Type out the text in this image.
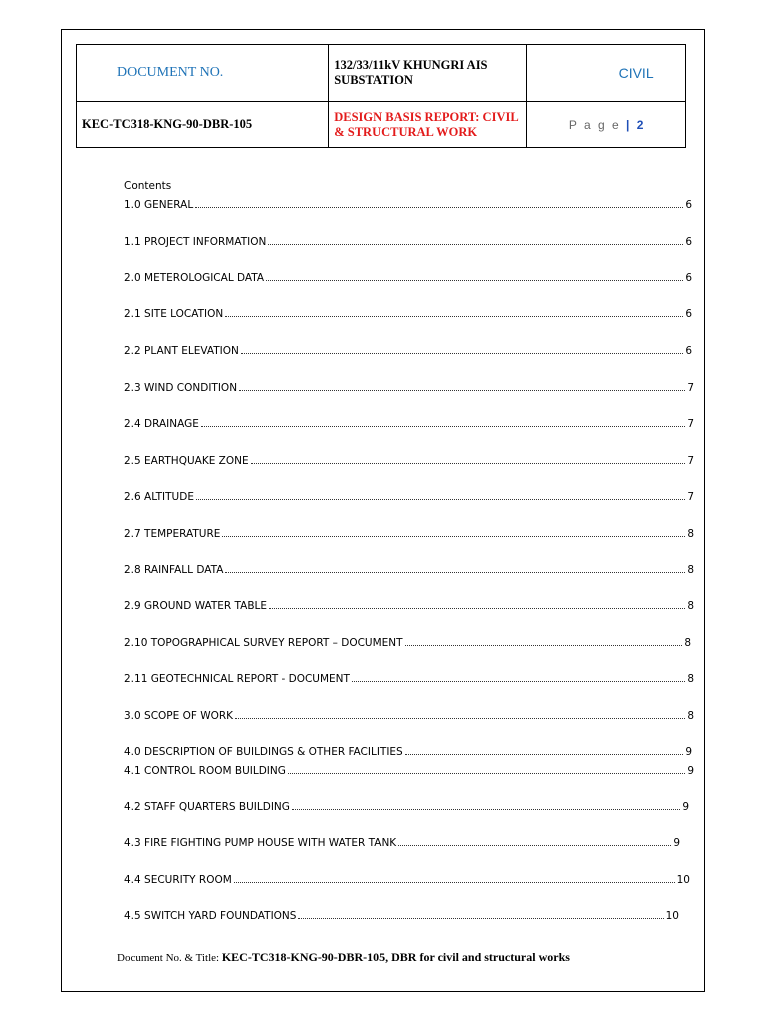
DOCUMENT NO.	132/33/11kV KHUNGRI AIS SUBSTATION	CIVIL
KEC-TC318-KNG-90-DBR-105	DESIGN BASIS REPORT: CIVIL & STRUCTURAL WORK	P a g e | 2
Contents
1.0 GENERAL	6
1.1 PROJECT INFORMATION	6
2.0 METEROLOGICAL DATA	6
2.1 SITE LOCATION	6
2.2 PLANT ELEVATION	6
2.3 WIND CONDITION	7
2.4 DRAINAGE	7
2.5 EARTHQUAKE ZONE	7
2.6 ALTITUDE	7
2.7 TEMPERATURE	8
2.8 RAINFALL DATA	8
2.9 GROUND WATER TABLE	8
2.10 TOPOGRAPHICAL SURVEY REPORT – DOCUMENT	8
2.11 GEOTECHNICAL REPORT - DOCUMENT	8
3.0 SCOPE OF WORK	8
4.0 DESCRIPTION OF BUILDINGS & OTHER FACILITIES	9
4.1 CONTROL ROOM BUILDING	9
4.2 STAFF QUARTERS BUILDING	9
4.3 FIRE FIGHTING PUMP HOUSE WITH WATER TANK	9
4.4 SECURITY ROOM	10
4.5 SWITCH YARD FOUNDATIONS	10
Document No. & Title: KEC-TC318-KNG-90-DBR-105, DBR for civil and structural works
